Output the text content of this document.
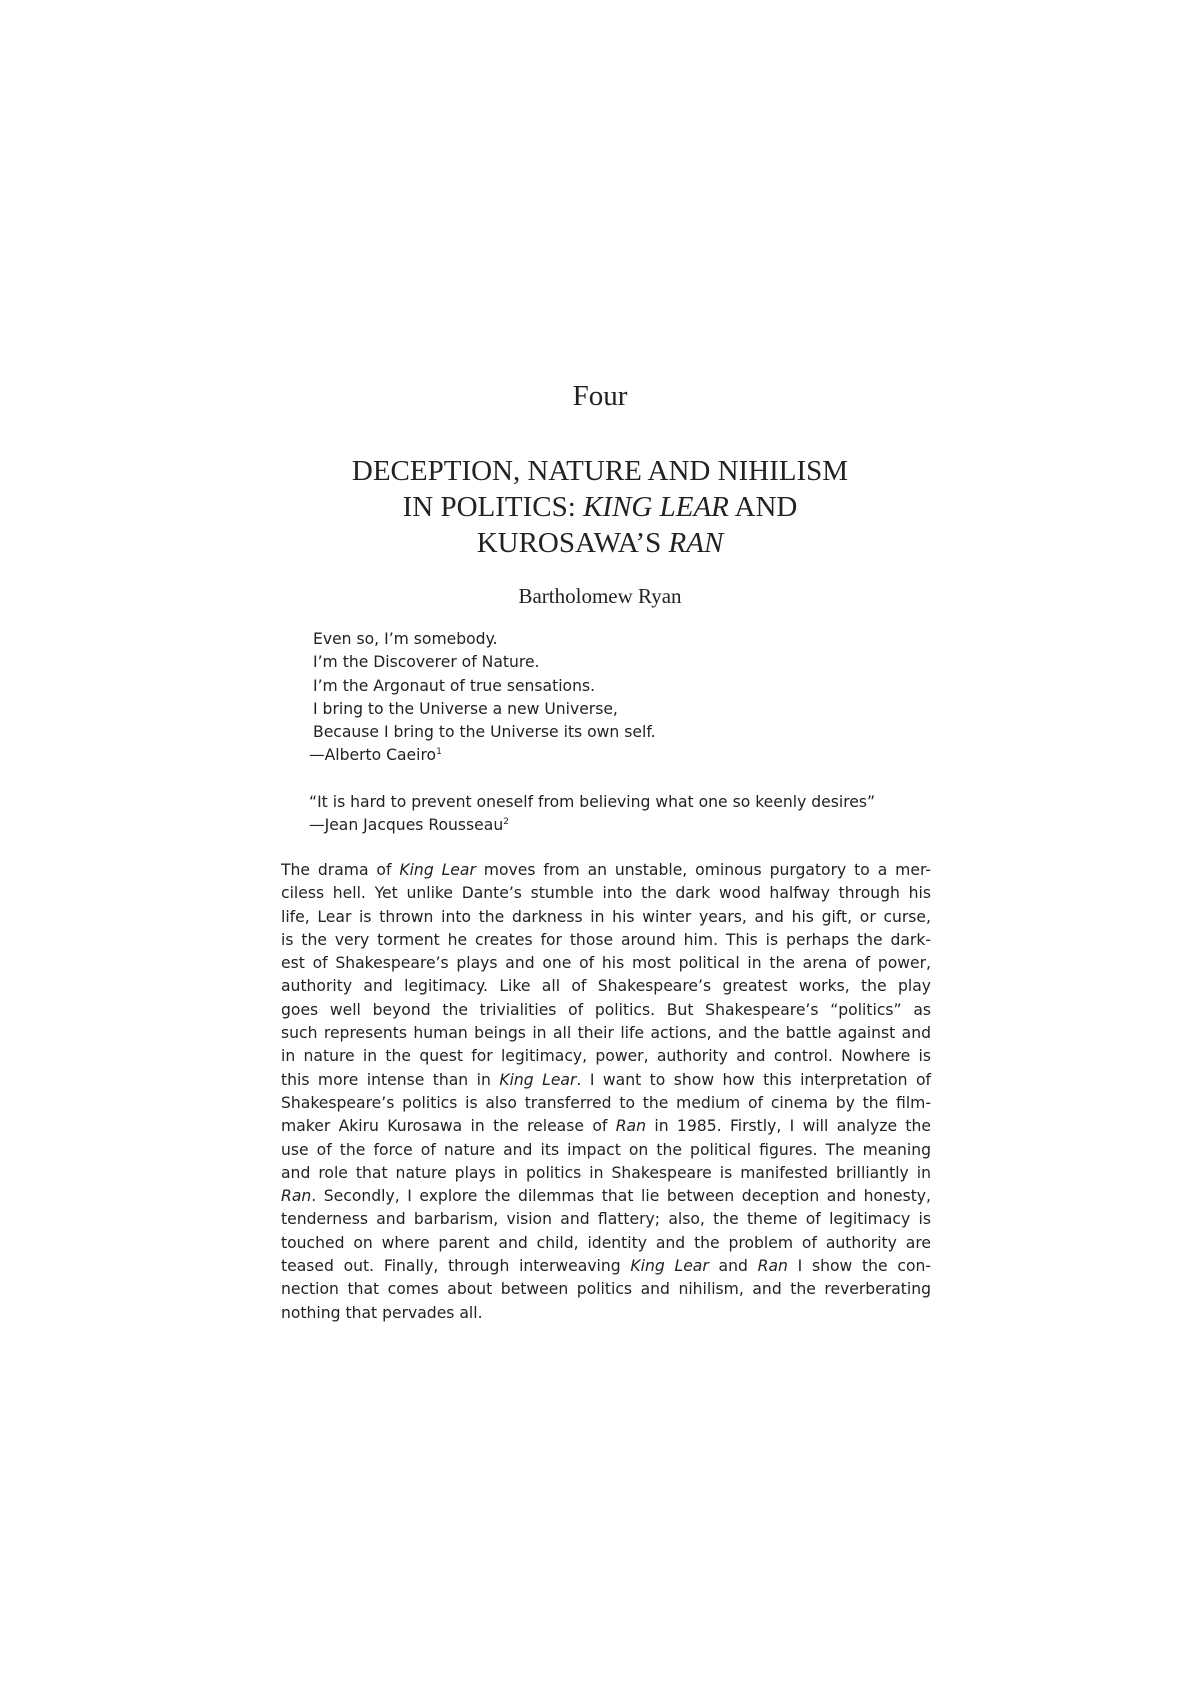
Four
DECEPTION, NATURE AND NIHILISM
IN POLITICS: KING LEAR AND
KUROSAWA’S RAN
Bartholomew Ryan
Even so, I’m somebody.
I’m the Discoverer of Nature.
I’m the Argonaut of true sensations.
I bring to the Universe a new Universe,
Because I bring to the Universe its own self.
—Alberto Caeiro$^1$
“It is hard to prevent oneself from believing what one so keenly desires”
—Jean Jacques Rousseau$^2$
The drama of King Lear moves from an unstable, ominous purgatory to a mer-
ciless hell. Yet unlike Dante’s stumble into the dark wood halfway through his
life, Lear is thrown into the darkness in his winter years, and his gift, or curse,
is the very torment he creates for those around him. This is perhaps the dark-
est of Shakespeare’s plays and one of his most political in the arena of power,
authority and legitimacy. Like all of Shakespeare’s greatest works, the play
goes well beyond the trivialities of politics. But Shakespeare’s “politics” as
such represents human beings in all their life actions, and the battle against and
in nature in the quest for legitimacy, power, authority and control. Nowhere is
this more intense than in King Lear. I want to show how this interpretation of
Shakespeare’s politics is also transferred to the medium of cinema by the film-
maker Akiru Kurosawa in the release of Ran in 1985. Firstly, I will analyze the
use of the force of nature and its impact on the political figures. The meaning
and role that nature plays in politics in Shakespeare is manifested brilliantly in
Ran. Secondly, I explore the dilemmas that lie between deception and honesty,
tenderness and barbarism, vision and flattery; also, the theme of legitimacy is
touched on where parent and child, identity and the problem of authority are
teased out. Finally, through interweaving King Lear and Ran I show the con-
nection that comes about between politics and nihilism, and the reverberating
nothing that pervades all.
